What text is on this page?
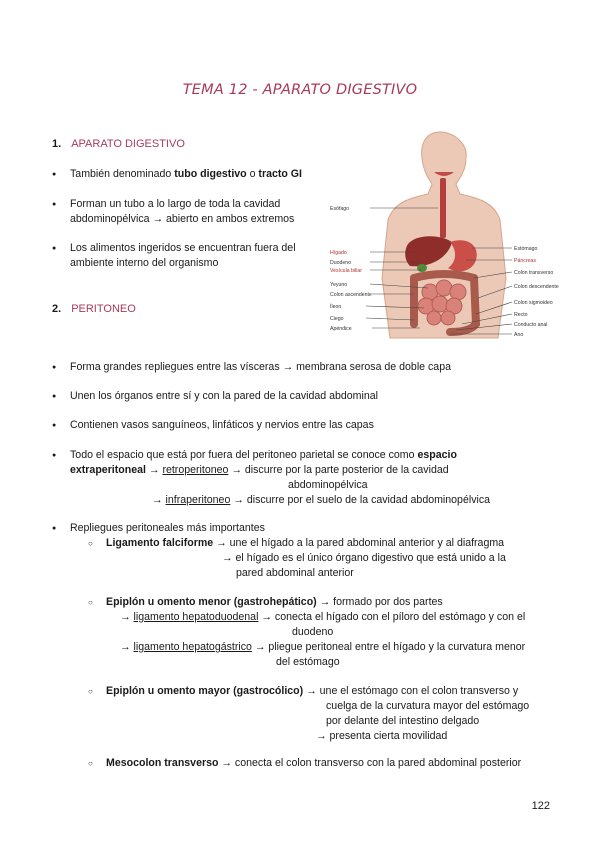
TEMA 12 - APARATO DIGESTIVO
1. APARATO DIGESTIVO
También denominado tubo digestivo o tracto GI
Forman un tubo a lo largo de toda la cavidad
abdominopélvica → abierto en ambos extremos
Los alimentos ingeridos se encuentran fuera del
ambiente interno del organismo
Esófago
Hígado
Duodeno
Vesícula biliar
Yeyuno
Colon ascendente
Íleon
Ciego
Apéndice
Estómago
Páncreas
Colon transverso
Colon descendente
Colon sigmoideo
Recto
Conducto anal
Ano
2. PERITONEO
Forma grandes repliegues entre las vísceras → membrana serosa de doble capa
Unen los órganos entre sí y con la pared de la cavidad abdominal
Contienen vasos sanguíneos, linfáticos y nervios entre las capas
Todo el espacio que está por fuera del peritoneo parietal se conoce como espacio
extraperitoneal → retroperitoneo → discurre por la parte posterior de la cavidad
abdominopélvica
→ infraperitoneo → discurre por el suelo de la cavidad abdominopélvica
Repliegues peritoneales más importantes
○ Ligamento falciforme → une el hígado a la pared abdominal anterior y al diafragma
→ el hígado es el único órgano digestivo que está unido a la
pared abdominal anterior
○ Epiplón u omento menor (gastrohepático) → formado por dos partes
→ ligamento hepatoduodenal → conecta el hígado con el píloro del estómago y con el
duodeno
→ ligamento hepatogástrico → pliegue peritoneal entre el hígado y la curvatura menor
del estómago
○ Epiplón u omento mayor (gastrocólico) → une el estómago con el colon transverso y
cuelga de la curvatura mayor del estómago
por delante del intestino delgado
→ presenta cierta movilidad
○ Mesocolon transverso → conecta el colon transverso con la pared abdominal posterior
122
